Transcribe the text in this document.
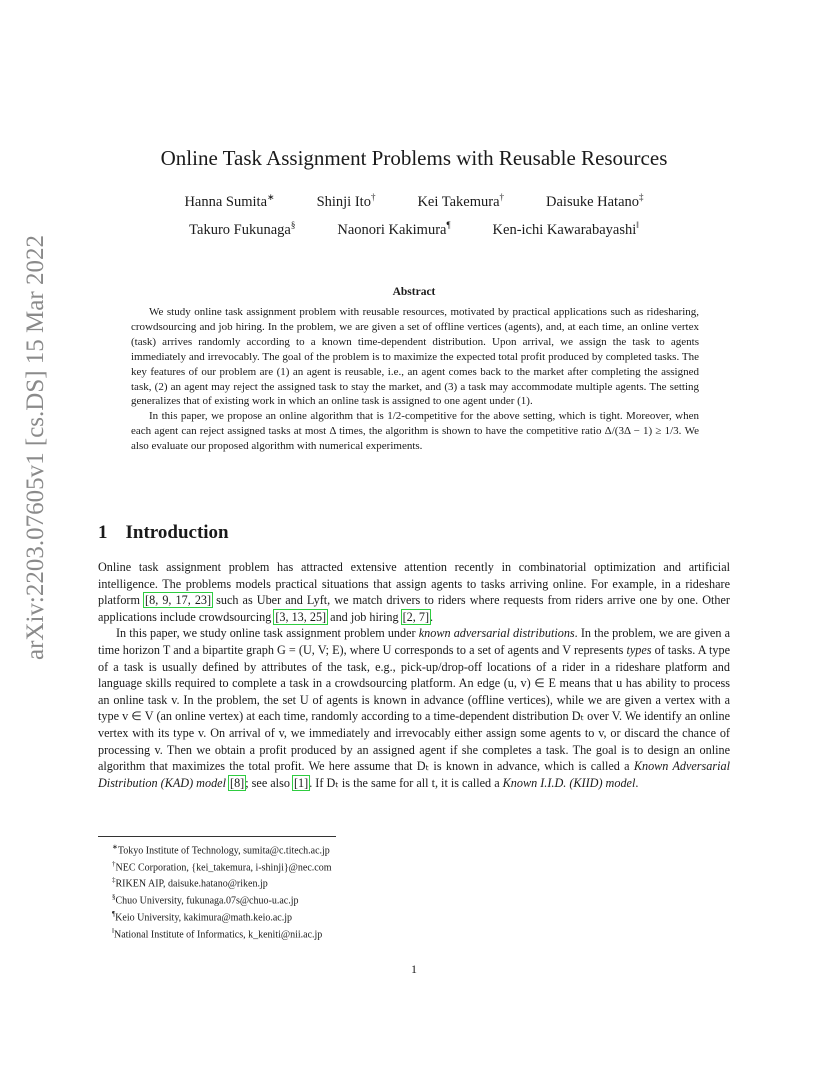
arXiv:2203.07605v1 [cs.DS] 15 Mar 2022
Online Task Assignment Problems with Reusable Resources
Hanna Sumita∗	Shinji Ito†	Kei Takemura†	Daisuke Hatano‡
Takuro Fukunaga§	Naonori Kakimura¶	Ken-ichi Kawarabayashi‖
Abstract

We study online task assignment problem with reusable resources, motivated by practical applications such as ridesharing, crowdsourcing and job hiring. In the problem, we are given a set of offline vertices (agents), and, at each time, an online vertex (task) arrives randomly according to a known time-dependent distribution. Upon arrival, we assign the task to agents immediately and irrevocably. The goal of the problem is to maximize the expected total profit produced by completed tasks. The key features of our problem are (1) an agent is reusable, i.e., an agent comes back to the market after completing the assigned task, (2) an agent may reject the assigned task to stay the market, and (3) a task may accommodate multiple agents. The setting generalizes that of existing work in which an online task is assigned to one agent under (1).

In this paper, we propose an online algorithm that is 1/2-competitive for the above setting, which is tight. Moreover, when each agent can reject assigned tasks at most Δ times, the algorithm is shown to have the competitive ratio Δ/(3Δ − 1) ≥ 1/3. We also evaluate our proposed algorithm with numerical experiments.

1 Introduction

Online task assignment problem has attracted extensive attention recently in combinatorial optimization and artificial intelligence. The problems models practical situations that assign agents to tasks arriving online. For example, in a rideshare platform [8, 9, 17, 23] such as Uber and Lyft, we match drivers to riders where requests from riders arrive one by one. Other applications include crowdsourcing [3, 13, 25] and job hiring [2, 7].

In this paper, we study online task assignment problem under known adversarial distributions. In the problem, we are given a time horizon T and a bipartite graph G = (U, V; E), where U corresponds to a set of agents and V represents types of tasks. A type of a task is usually defined by attributes of the task, e.g., pick-up/drop-off locations of a rider in a rideshare platform and language skills required to complete a task in a crowdsourcing platform. An edge (u, v) ∈ E means that u has ability to process an online task v. In the problem, the set U of agents is known in advance (offline vertices), while we are given a vertex with a type v ∈ V (an online vertex) at each time, randomly according to a time-dependent distribution Dₜ over V. We identify an online vertex with its type v. On arrival of v, we immediately and irrevocably either assign some agents to v, or discard the chance of processing v. Then we obtain a profit produced by an assigned agent if she completes a task. The goal is to design an online algorithm that maximizes the total profit. We here assume that Dₜ is known in advance, which is called a Known Adversarial Distribution (KAD) model [8]; see also [1]. If Dₜ is the same for all t, it is called a Known I.I.D. (KIID) model.

∗Tokyo Institute of Technology, sumita@c.titech.ac.jp
†NEC Corporation, {kei_takemura, i-shinji}@nec.com
‡RIKEN AIP, daisuke.hatano@riken.jp
§Chuo University, fukunaga.07s@chuo-u.ac.jp
¶Keio University, kakimura@math.keio.ac.jp
‖National Institute of Informatics, k_keniti@nii.ac.jp
1
